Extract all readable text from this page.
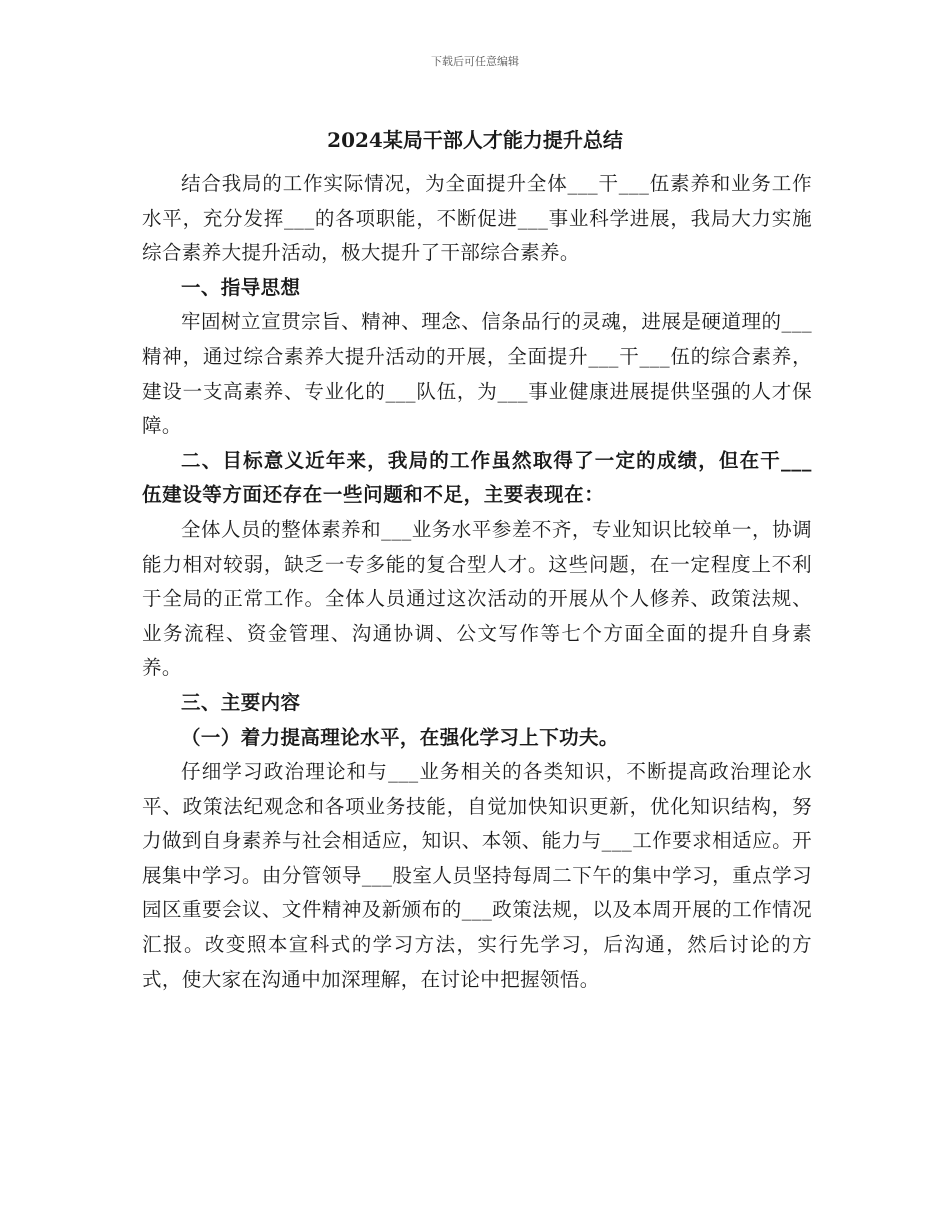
下载后可任意编辑
2024某局干部人才能力提升总结

结合我局的工作实际情况，为全面提升全体___干___伍素养和业务工作水平，充分发挥___的各项职能，不断促进___事业科学进展，我局大力实施综合素养大提升活动，极大提升了干部综合素养。

一、指导思想

牢固树立宣贯宗旨、精神、理念、信条品行的灵魂，进展是硬道理的___精神，通过综合素养大提升活动的开展，全面提升___干___伍的综合素养，建设一支高素养、专业化的___队伍，为___事业健康进展提供坚强的人才保障。

二、目标意义近年来，我局的工作虽然取得了一定的成绩，但在干___伍建设等方面还存在一些问题和不足，主要表现在：

全体人员的整体素养和___业务水平参差不齐，专业知识比较单一，协调能力相对较弱，缺乏一专多能的复合型人才。这些问题，在一定程度上不利于全局的正常工作。全体人员通过这次活动的开展从个人修养、政策法规、业务流程、资金管理、沟通协调、公文写作等七个方面全面的提升自身素养。

三、主要内容

（一）着力提高理论水平，在强化学习上下功夫。

仔细学习政治理论和与___业务相关的各类知识，不断提高政治理论水平、政策法纪观念和各项业务技能，自觉加快知识更新，优化知识结构，努力做到自身素养与社会相适应，知识、本领、能力与___工作要求相适应。开展集中学习。由分管领导___股室人员坚持每周二下午的集中学习，重点学习园区重要会议、文件精神及新颁布的___政策法规，以及本周开展的工作情况汇报。改变照本宣科式的学习方法，实行先学习，后沟通，然后讨论的方式，使大家在沟通中加深理解，在讨论中把握领悟。
